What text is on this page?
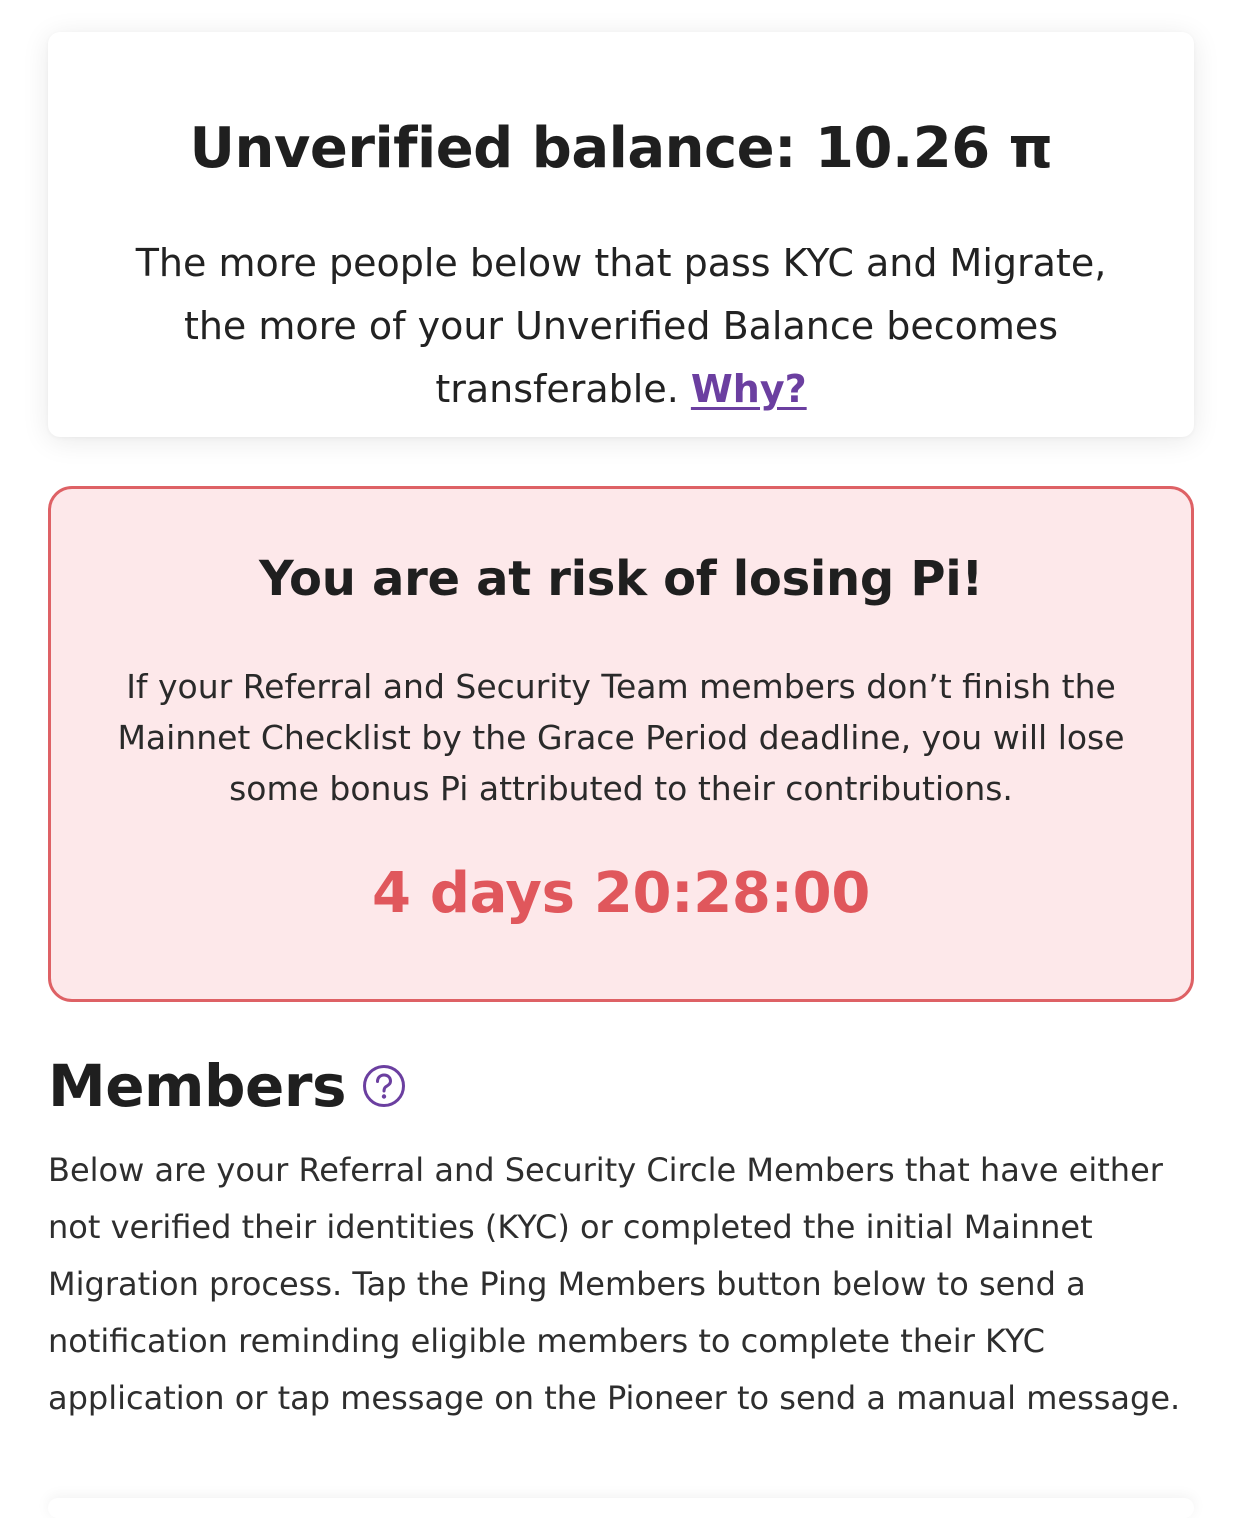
Unverified balance: 10.26 π
The more people below that pass KYC and Migrate, the more of your Unverified Balance becomes transferable. Why?
You are at risk of losing Pi!
If your Referral and Security Team members don’t finish the Mainnet Checklist by the Grace Period deadline, you will lose some bonus Pi attributed to their contributions.
4 days 20:28:00
Members
Below are your Referral and Security Circle Members that have either not verified their identities (KYC) or completed the initial Mainnet Migration process. Tap the Ping Members button below to send a notification reminding eligible members to complete their KYC application or tap message on the Pioneer to send a manual message.
